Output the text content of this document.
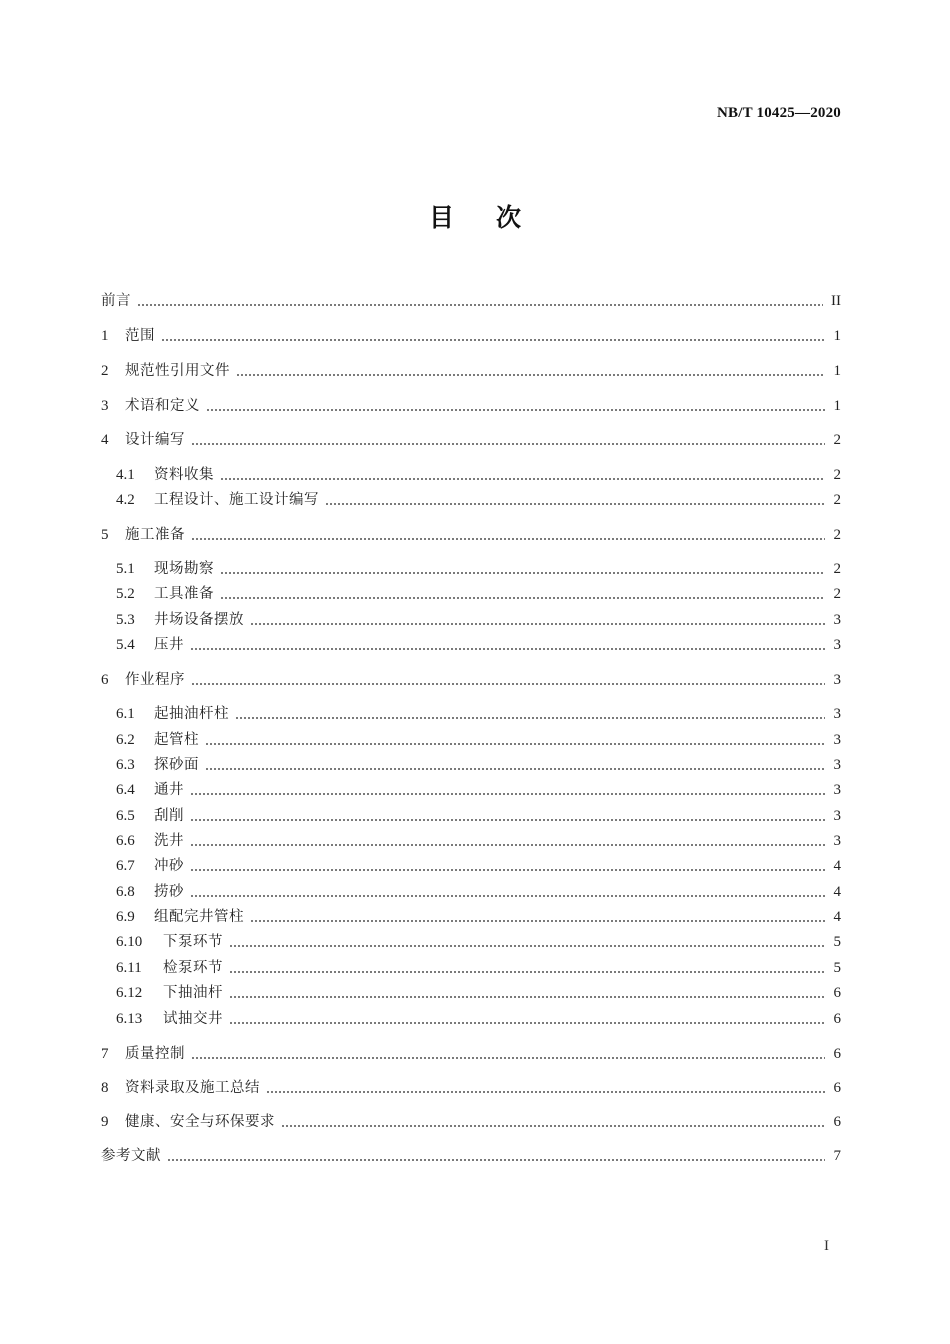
NB/T 10425—2020
目 次
前言	II
1	范围	1
2	规范性引用文件	1
3	术语和定义	1
4	设计编写	2
4.1	资料收集	2
4.2	工程设计、施工设计编写	2
5	施工准备	2
5.1	现场勘察	2
5.2	工具准备	2
5.3	井场设备摆放	3
5.4	压井	3
6	作业程序	3
6.1	起抽油杆柱	3
6.2	起管柱	3
6.3	探砂面	3
6.4	通井	3
6.5	刮削	3
6.6	洗井	3
6.7	冲砂	4
6.8	捞砂	4
6.9	组配完井管柱	4
6.10	下泵环节	5
6.11	检泵环节	5
6.12	下抽油杆	6
6.13	试抽交井	6
7	质量控制	6
8	资料录取及施工总结	6
9	健康、安全与环保要求	6
参考文献	7
I
